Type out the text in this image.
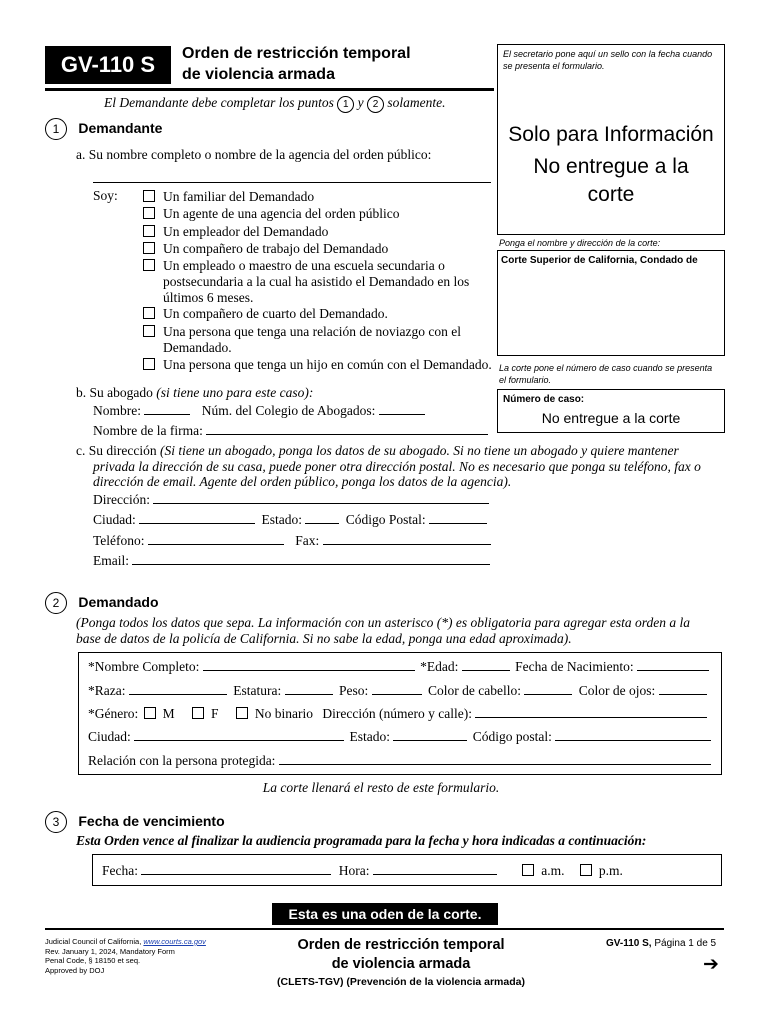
GV-110 S	Orden de restricción temporal
de violencia armada
El Demandante debe completar los puntos 1 y 2 solamente.
El secretario pone aquí un sello con la fecha cuando se presenta el formulario.
Solo para Información
No entregue a la
corte
Ponga el nombre y dirección de la corte:
Corte Superior de California, Condado de
La corte pone el número de caso cuando se presenta el formulario.
Número de caso:
No entregue a la corte
1 Demandante
a. Su nombre completo o nombre de la agencia del orden público:
Soy:	Un familiar del Demandado
Un agente de una agencia del orden público
Un empleador del Demandado
Un compañero de trabajo del Demandado
Un empleado o maestro de una escuela secundaria o
postsecundaria a la cual ha asistido el Demandado en los
últimos 6 meses.
Un compañero de cuarto del Demandado.
Una persona que tenga una relación de noviazgo con el
Demandado.
Una persona que tenga un hijo en común con el Demandado.
b. Su abogado (si tiene uno para este caso):
Nombre:	Núm. del Colegio de Abogados:
Nombre de la firma:
c. Su dirección (Si tiene un abogado, ponga los datos de su abogado. Si no tiene un abogado y quiere mantener
privada la dirección de su casa, puede poner otra dirección postal. No es necesario que ponga su teléfono, fax o
dirección de email. Agente del orden público, ponga los datos de la agencia).
Dirección:
Ciudad:	Estado:	Código Postal:
Teléfono:	Fax:
Email:
2 Demandado
(Ponga todos los datos que sepa. La información con un asterisco (*) es obligatoria para agregar esta orden a la
base de datos de la policía de California. Si no sabe la edad, ponga una edad aproximada).
*Nombre Completo:	*Edad:	Fecha de Nacimiento:
*Raza:	Estatura:	Peso:	Color de cabello:	Color de ojos:
*Género: M	F	No binario Dirección (número y calle):
Ciudad:	Estado:	Código postal:
Relación con la persona protegida:
La corte llenará el resto de este formulario.
3 Fecha de vencimiento
Esta Orden vence al finalizar la audiencia programada para la fecha y hora indicadas a continuación:
Fecha:	Hora:	a.m.	p.m.
Esta es una oden de la corte.
Judicial Council of California, www.courts.ca.gov
Rev. January 1, 2024, Mandatory Form
Penal Code, § 18150 et seq.
Approved by DOJ
Orden de restricción temporal
de violencia armada
(CLETS-TGV) (Prevención de la violencia armada)
GV-110 S, Página 1 de 5
➔
